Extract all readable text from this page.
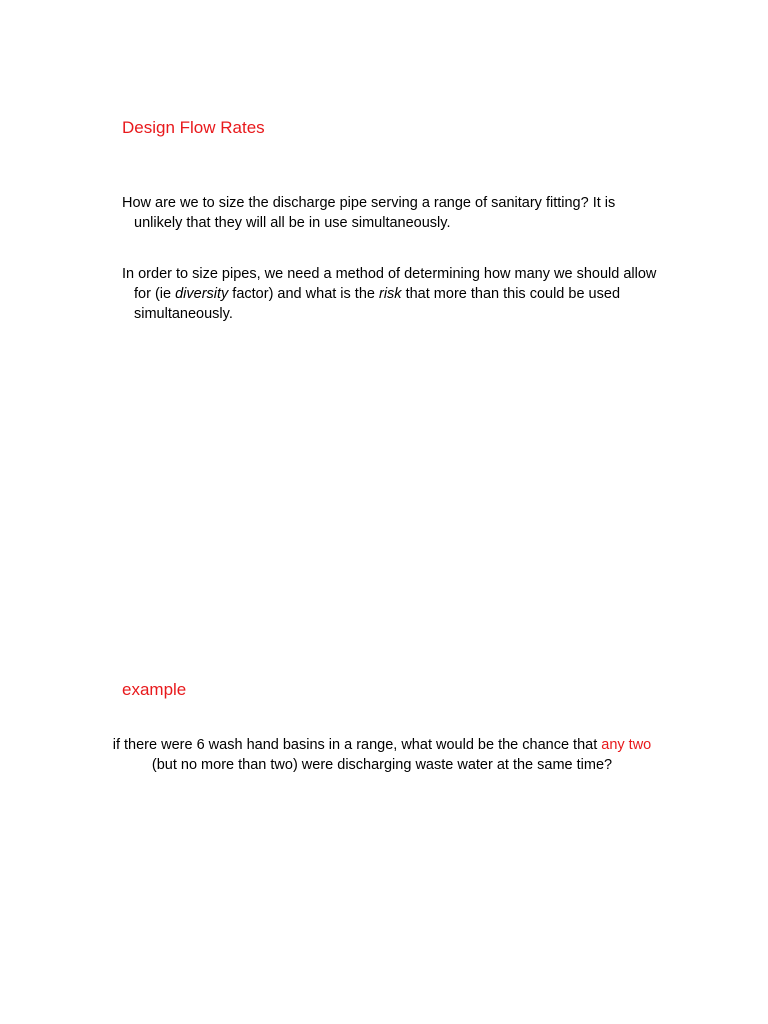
Design Flow Rates

How are we to size the discharge pipe serving a range of sanitary fitting? It is unlikely that they will all be in use simultaneously.

In order to size pipes, we need a method of determining how many we should allow for (ie diversity factor) and what is the risk that more than this could be used simultaneously.

example

if there were 6 wash hand basins in a range, what would be the chance that any two (but no more than two) were discharging waste water at the same time?
